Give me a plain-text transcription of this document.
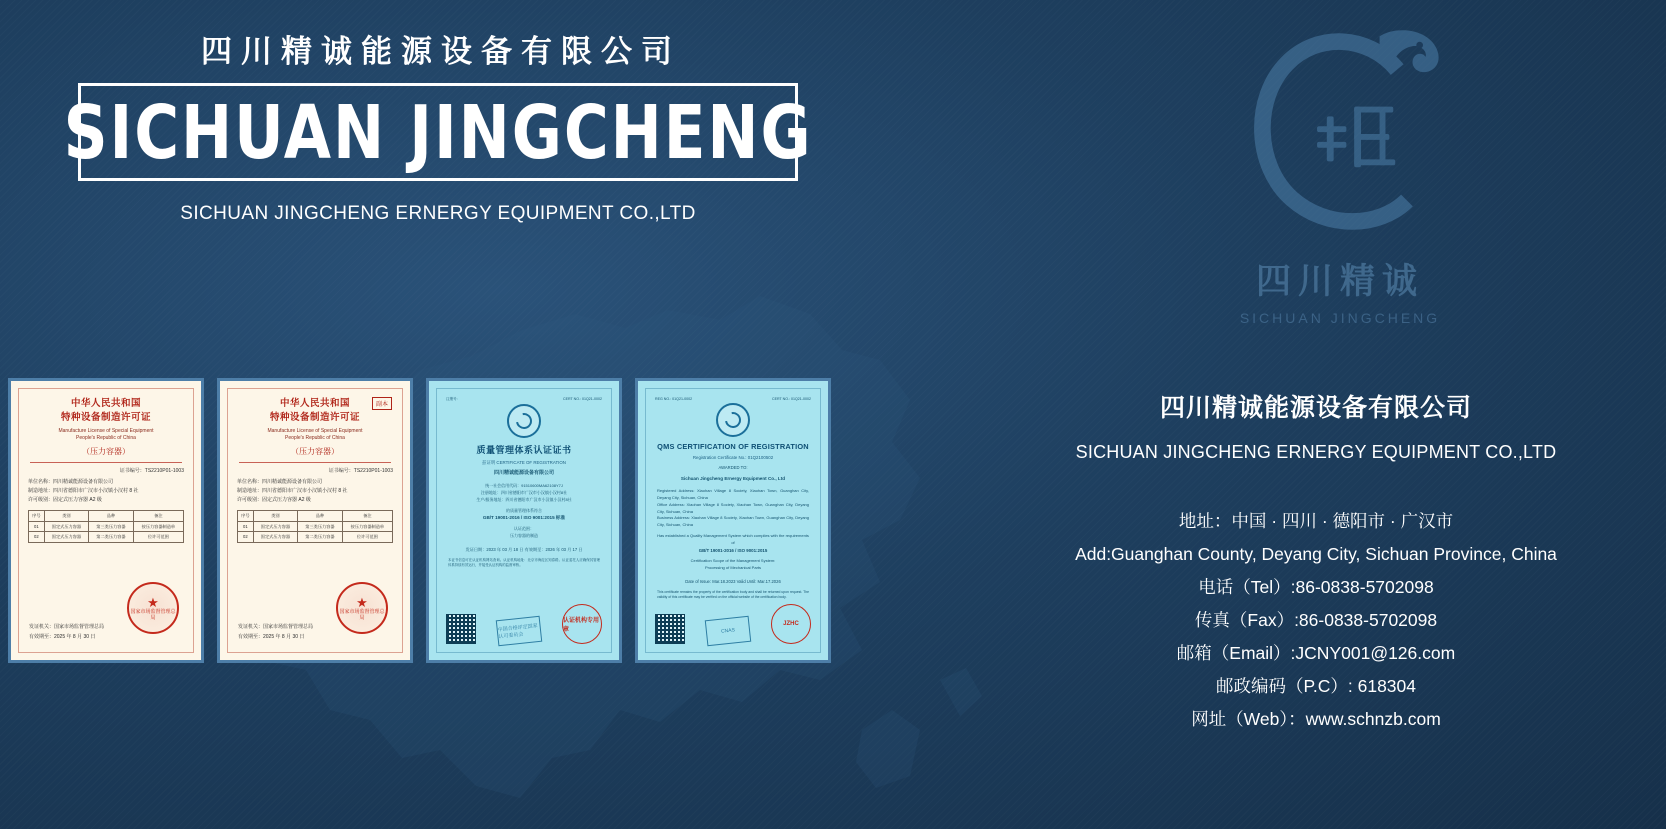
四川精诚能源设备有限公司
SICHUAN JINGCHENG
SICHUAN JINGCHENG ERNERGY EQUIPMENT CO.,LTD
四川精诚
SICHUAN JINGCHENG
中华人民共和国
特种设备制造许可证
Manufacture License of Special Equipment
People's Republic of China
（压力容器）
证书编号：TS2210P01-1003
单位名称：四川精诚能源设备有限公司
制造地址：四川省德阳市广汉市小汉镇小汉村 8 社
许可级别：固定式压力容器 A2 级
序号	类别	品种	备注
01	固定式压力容器	第三类压力容器	按压力容器制造单
02	固定式压力容器	第二类压力容器	位许可范围
发证机关：国家市场监督管理总局
有效期至：2025 年 8 月 30 日
★
国家市场监督管理总局
副本
中华人民共和国
特种设备制造许可证
Manufacture License of Special Equipment
People's Republic of China
（压力容器）
证书编号：TS2210P01-1003
单位名称：四川精诚能源设备有限公司
制造地址：四川省德阳市广汉市小汉镇小汉村 8 社
许可级别：固定式压力容器 A2 级
序号	类别	品种	备注
01	固定式压力容器	第三类压力容器	按压力容器制造单
02	固定式压力容器	第二类压力容器	位许可范围
发证机关：国家市场监督管理总局
有效期至：2025 年 8 月 30 日
★
国家市场监督管理总局
注册号：	CERT NO.: 01Q21-0002
质量管理体系认证证书
兹证明 CERTIFICATE OF REGISTRATION
四川精诚能源设备有限公司
统一社会信用代码：91510600MA62108Y7J
注册地址：四川省德阳市广汉市小汉镇小汉村8社
生产/服务地址：四川省德阳市广汉市小汉镇小汉村8社
的质量管理体系符合
GB/T 19001-2016 / ISO 9001:2015 标准
认证范围：
压力容器的制造
发证日期：2023 年 03 月 18 日 有效期至：2026 年 03 月 17 日
本证书信息可在认证机构网站查询。认证机构地址：北京市海淀区知春路。认证委托人应确保其管理体系持续有效运行，并接受认证机构的监督审核。
中国合格评定国家认可委员会
认证机构专用章
REG NO.: 01Q21-0002	CERT NO.: 01Q21-0002
QMS CERTIFICATION OF REGISTRATION
Registration Certificate No.: 01Q2100502
AWARDED TO:
Sichuan Jingcheng Ernergy Equipment Co., Ltd
Registered Address: Xiaohan Village 8 Society, Xiaohan Town, Guanghan City, Deyang City, Sichuan, China
Office Address: Xiaohan Village 8 Society, Xiaohan Town, Guanghan City, Deyang City, Sichuan, China
Business Address: Xiaohan Village 8 Society, Xiaohan Town, Guanghan City, Deyang City, Sichuan, China
Has established a Quality Management System which complies with the requirements of
GB/T 19001-2016 / ISO 9001:2015
Certification Scope of the Management System:
Processing of Mechanical Parts
Date of Issue: Mar.18.2023 Valid Until: Mar.17.2026
This certificate remains the property of the certification body and shall be returned upon request. The validity of this certificate may be verified on the official website of the certification body.
CNAS
JZHC
四川精诚能源设备有限公司
SICHUAN JINGCHENG ERNERGY EQUIPMENT CO.,LTD
地址：中国 · 四川 · 德阳市 · 广汉市
Add:Guanghan County, Deyang City, Sichuan Province, China
电话（Tel）:86-0838-5702098
传真（Fax）:86-0838-5702098
邮箱（Email）:JCNY001@126.com
邮政编码（P.C）: 618304
网址（Web）：www.schnzb.com
